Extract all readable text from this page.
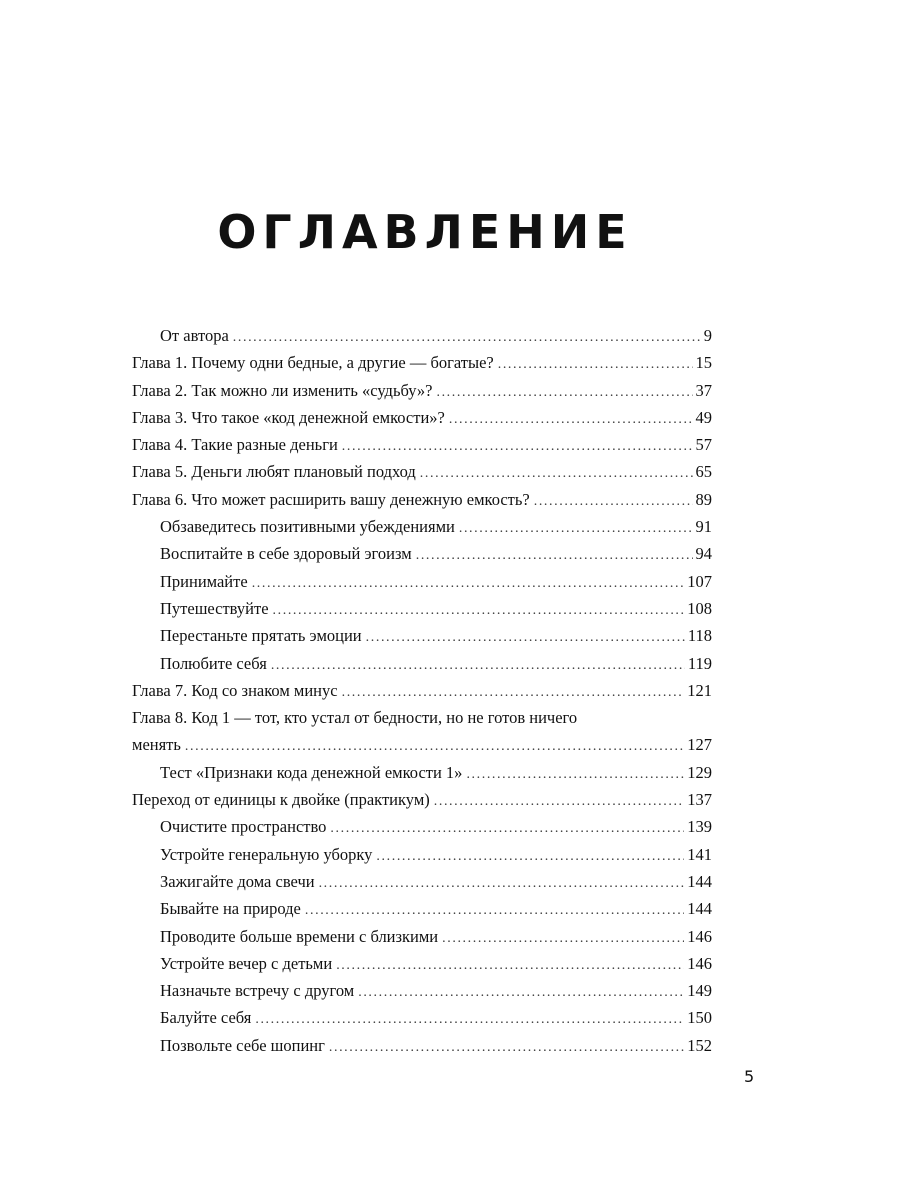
ОГЛАВЛЕНИЕ
От автора .....	9
Глава 1. Почему одни бедные, а другие — богатые? .....	15
Глава 2. Так можно ли изменить «судьбу»? .....	37
Глава 3. Что такое «код денежной емкости»? .....	49
Глава 4. Такие разные деньги .....	57
Глава 5. Деньги любят плановый подход .....	65
Глава 6. Что может расширить вашу денежную емкость? .....	89
Обзаведитесь позитивными убеждениями .....	91
Воспитайте в себе здоровый эгоизм .....	94
Принимайте .....	107
Путешествуйте .....	108
Перестаньте прятать эмоции .....	118
Полюбите себя .....	119
Глава 7. Код со знаком минус .....	121
Глава 8. Код 1 — тот, кто устал от бедности, но не готов ничего
менять .....	127
Тест «Признаки кода денежной емкости 1» .....	129
Переход от единицы к двойке (практикум) .....	137
Очистите пространство .....	139
Устройте генеральную уборку .....	141
Зажигайте дома свечи .....	144
Бывайте на природе .....	144
Проводите больше времени с близкими .....	146
Устройте вечер с детьми .....	146
Назначьте встречу с другом .....	149
Балуйте себя .....	150
Позвольте себе шопинг .....	152
5
